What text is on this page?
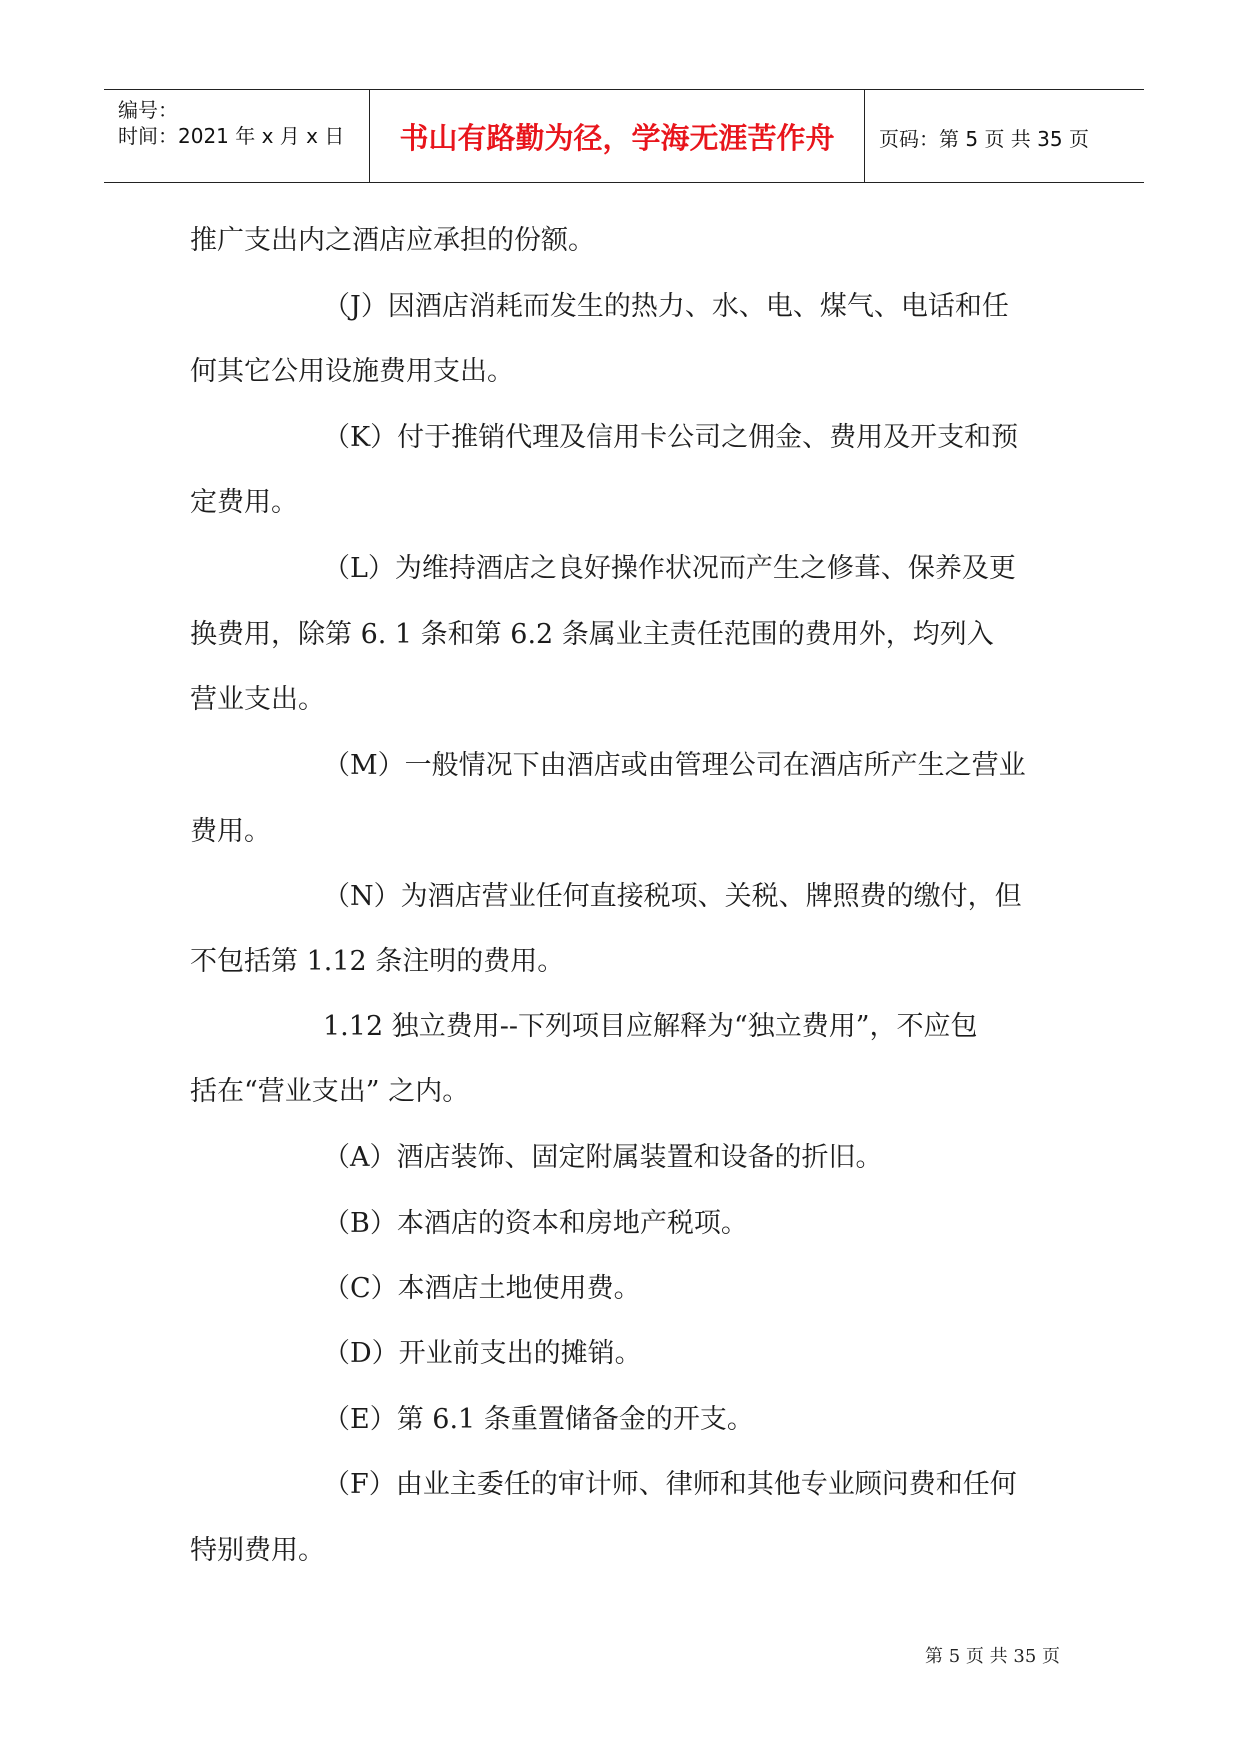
编号：
时间：2021 年 x 月 x 日	书山有路勤为径，学海无涯苦作舟	页码：第 5 页 共 35 页
推广支出内之酒店应承担的份额。
（J）因酒店消耗而发生的热力、水、电、煤气、电话和任
何其它公用设施费用支出。
（K）付于推销代理及信用卡公司之佣金、费用及开支和预
定费用。
（L）为维持酒店之良好操作状况而产生之修葺、保养及更
换费用，除第 6. 1 条和第 6.2 条属业主责任范围的费用外，均列入
营业支出。
（M）一般情况下由酒店或由管理公司在酒店所产生之营业
费用。
（N）为酒店营业任何直接税项、关税、牌照费的缴付，但
不包括第 1.12 条注明的费用。
1.12 独立费用--下列项目应解释为“独立费用”，不应包
括在“营业支出” 之内。
（A）酒店装饰、固定附属装置和设备的折旧。
（B）本酒店的资本和房地产税项。
（C）本酒店土地使用费。
（D）开业前支出的摊销。
（E）第 6.1 条重置储备金的开支。
（F）由业主委任的审计师、律师和其他专业顾问费和任何
特别费用。
第 5 页 共 35 页
